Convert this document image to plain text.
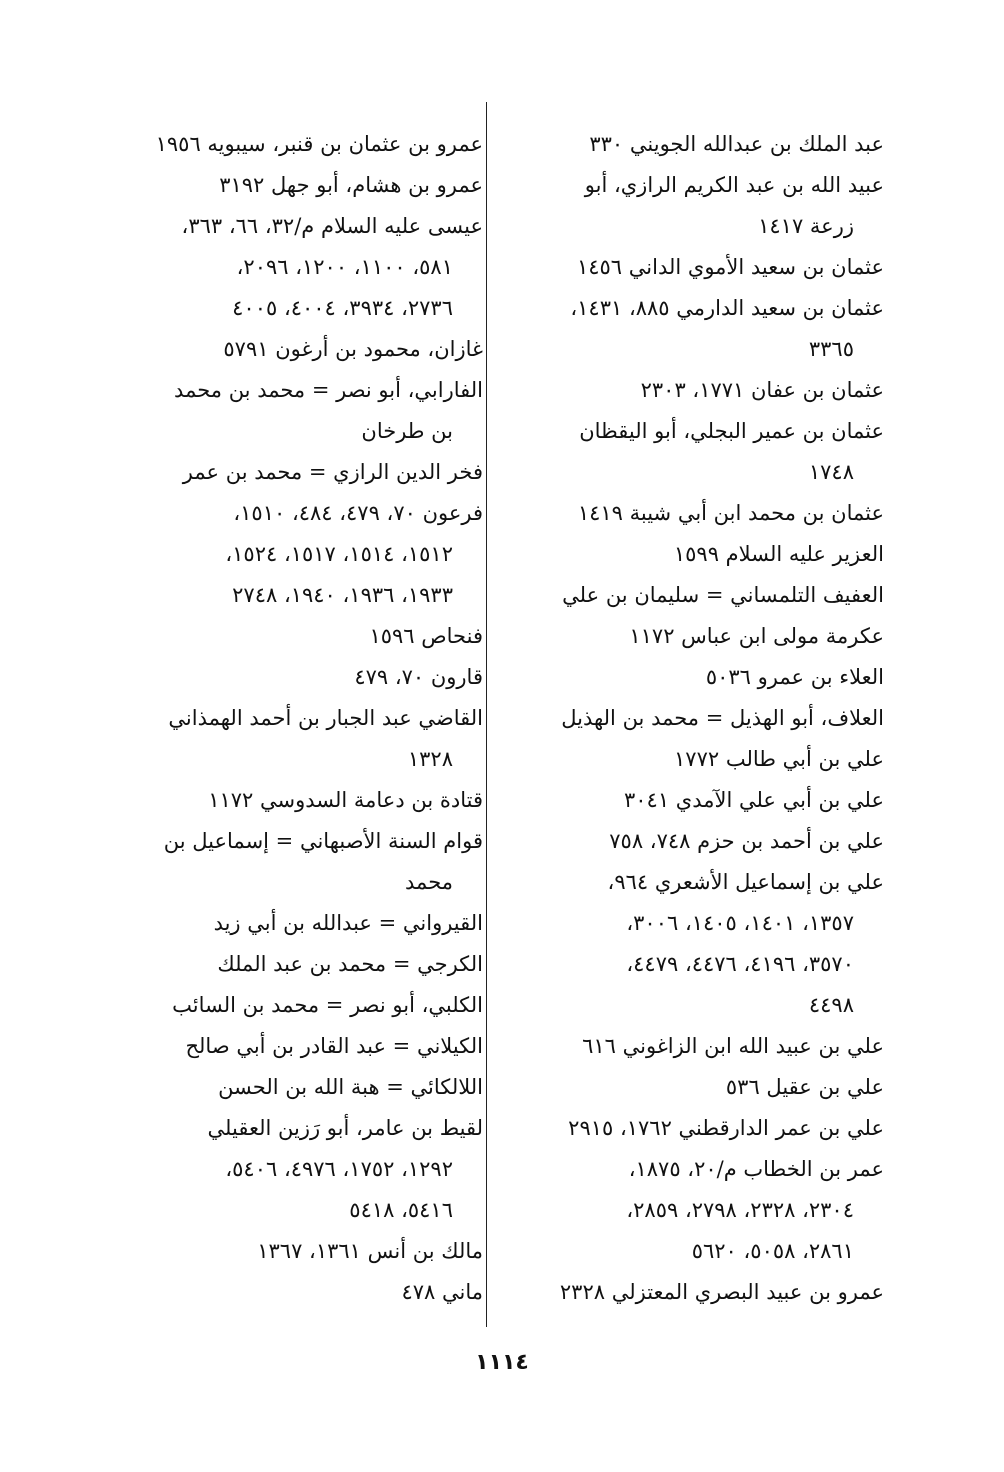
عبد الملك بن عبدالله الجويني ٣٣٠
عبيد الله بن عبد الكريم الرازي، أبو
زرعة ١٤١٧
عثمان بن سعيد الأموي الداني ١٤٥٦
عثمان بن سعيد الدارمي ٨٨٥، ١٤٣١،
٣٣٦٥
عثمان بن عفان ١٧٧١، ٢٣٠٣
عثمان بن عمير البجلي، أبو اليقظان
١٧٤٨
عثمان بن محمد ابن أبي شيبة ١٤١٩
العزير عليه السلام ١٥٩٩
العفيف التلمساني = سليمان بن علي
عكرمة مولى ابن عباس ١١٧٢
العلاء بن عمرو ٥٠٣٦
العلاف، أبو الهذيل = محمد بن الهذيل
علي بن أبي طالب ١٧٧٢
علي بن أبي علي الآمدي ٣٠٤١
علي بن أحمد بن حزم ٧٤٨، ٧٥٨
علي بن إسماعيل الأشعري ٩٦٤،
١٣٥٧، ١٤٠١، ١٤٠٥، ٣٠٠٦،
٣٥٧٠، ٤١٩٦، ٤٤٧٦، ٤٤٧٩،
٤٤٩٨
علي بن عبيد الله ابن الزاغوني ٦١٦
علي بن عقيل ٥٣٦
علي بن عمر الدارقطني ١٧٦٢، ٢٩١٥
عمر بن الخطاب م/٢٠، ١٨٧٥،
٢٣٠٤، ٢٣٢٨، ٢٧٩٨، ٢٨٥٩،
٢٨٦١، ٥٠٥٨، ٥٦٢٠
عمرو بن عبيد البصري المعتزلي ٢٣٢٨
عمرو بن عثمان بن قنبر، سيبويه ١٩٥٦
عمرو بن هشام، أبو جهل ٣١٩٢
عيسى عليه السلام م/٣٢، ٦٦، ٣٦٣،
٥٨١، ١١٠٠، ١٢٠٠، ٢٠٩٦،
٢٧٣٦، ٣٩٣٤، ٤٠٠٤، ٤٠٠٥
غازان، محمود بن أرغون ٥٧٩١
الفارابي، أبو نصر = محمد بن محمد
بن طرخان
فخر الدين الرازي = محمد بن عمر
فرعون ٧٠، ٤٧٩، ٤٨٤، ١٥١٠،
١٥١٢، ١٥١٤، ١٥١٧، ١٥٢٤،
١٩٣٣، ١٩٣٦، ١٩٤٠، ٢٧٤٨
فنحاص ١٥٩٦
قارون ٧٠، ٤٧٩
القاضي عبد الجبار بن أحمد الهمذاني
١٣٢٨
قتادة بن دعامة السدوسي ١١٧٢
قوام السنة الأصبهاني = إسماعيل بن
محمد
القيرواني = عبدالله بن أبي زيد
الكرجي = محمد بن عبد الملك
الكلبي، أبو نصر = محمد بن السائب
الكيلاني = عبد القادر بن أبي صالح
اللالكائي = هبة الله بن الحسن
لقيط بن عامر، أبو رَزين العقيلي
١٢٩٢، ١٧٥٢، ٤٩٧٦، ٥٤٠٦،
٥٤١٦، ٥٤١٨
مالك بن أنس ١٣٦١، ١٣٦٧
ماني ٤٧٨
١١١٤
